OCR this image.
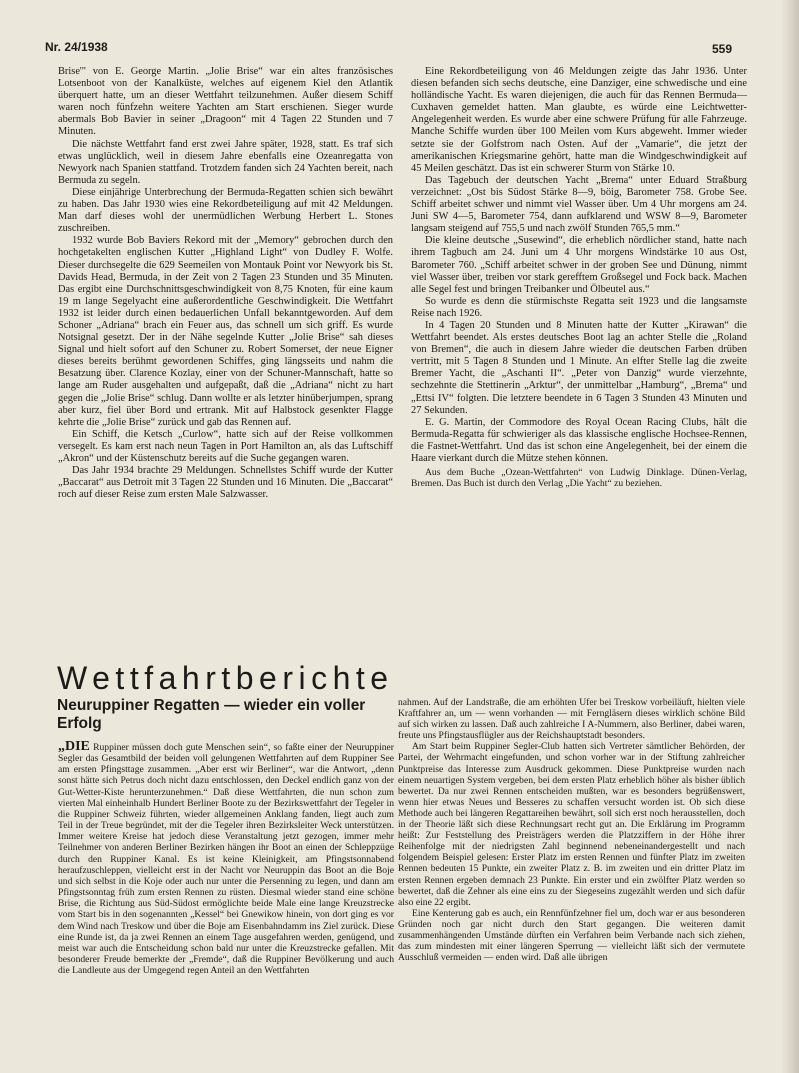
Nr. 24/1938	559

Brise'" von E. George Martin. „Jolie Brise“ war ein altes französisches Lotsenboot von der Kanalküste, welches auf eigenem Kiel den Atlantik überquert hatte, um an dieser Wettfahrt teilzunehmen. Außer diesem Schiff waren noch fünfzehn weitere Yachten am Start erschienen. Sieger wurde abermals Bob Bavier in seiner „Dragoon“ mit 4 Tagen 22 Stunden und 7 Minuten.

Die nächste Wettfahrt fand erst zwei Jahre später, 1928, statt. Es traf sich etwas unglücklich, weil in diesem Jahre ebenfalls eine Ozeanregatta von Newyork nach Spanien stattfand. Trotzdem fanden sich 24 Yachten bereit, nach Bermuda zu segeln.

Diese einjährige Unterbrechung der Bermuda-Regatten schien sich bewährt zu haben. Das Jahr 1930 wies eine Rekordbeteiligung auf mit 42 Meldungen. Man darf dieses wohl der unermüdlichen Werbung Herbert L. Stones zuschreiben.

1932 wurde Bob Baviers Rekord mit der „Memory“ gebrochen durch den hochgetakelten englischen Kutter „Highland Light“ von Dudley F. Wolfe. Dieser durchsegelte die 629 Seemeilen von Montauk Point vor Newyork bis St. Davids Head, Bermuda, in der Zeit von 2 Tagen 23 Stunden und 35 Minuten. Das ergibt eine Durchschnittsgeschwindigkeit von 8,75 Knoten, für eine kaum 19 m lange Segelyacht eine außerordentliche Geschwindigkeit. Die Wettfahrt 1932 ist leider durch einen bedauerlichen Unfall bekanntgeworden. Auf dem Schoner „Adriana“ brach ein Feuer aus, das schnell um sich griff. Es wurde Notsignal gesetzt. Der in der Nähe segelnde Kutter „Jolie Brise“ sah dieses Signal und hielt sofort auf den Schuner zu. Robert Somerset, der neue Eigner dieses bereits berühmt gewordenen Schiffes, ging längsseits und nahm die Besatzung über. Clarence Kozlay, einer von der Schuner-Mannschaft, hatte so lange am Ruder ausgehalten und aufgepaßt, daß die „Adriana“ nicht zu hart gegen die „Jolie Brise“ schlug. Dann wollte er als letzter hinüberjumpen, sprang aber kurz, fiel über Bord und ertrank. Mit auf Halbstock gesenkter Flagge kehrte die „Jolie Brise“ zurück und gab das Rennen auf.

Ein Schiff, die Ketsch „Curlow“, hatte sich auf der Reise vollkommen versegelt. Es kam erst nach neun Tagen in Port Hamilton an, als das Luftschiff „Akron“ und der Küstenschutz bereits auf die Suche gegangen waren.

Das Jahr 1934 brachte 29 Meldungen. Schnellstes Schiff wurde der Kutter „Baccarat“ aus Detroit mit 3 Tagen 22 Stunden und 16 Minuten. Die „Baccarat“ roch auf dieser Reise zum ersten Male Salzwasser.

Eine Rekordbeteiligung von 46 Meldungen zeigte das Jahr 1936. Unter diesen befanden sich sechs deutsche, eine Danziger, eine schwedische und eine holländische Yacht. Es waren diejenigen, die auch für das Rennen Bermuda—Cuxhaven gemeldet hatten. Man glaubte, es würde eine Leichtwetter-Angelegenheit werden. Es wurde aber eine schwere Prüfung für alle Fahrzeuge. Manche Schiffe wurden über 100 Meilen vom Kurs abgeweht. Immer wieder setzte sie der Golfstrom nach Osten. Auf der „Vamarie“, die jetzt der amerikanischen Kriegsmarine gehört, hatte man die Windgeschwindigkeit auf 45 Meilen geschätzt. Das ist ein schwerer Sturm von Stärke 10.

Das Tagebuch der deutschen Yacht „Brema“ unter Eduard Straßburg verzeichnet: „Ost bis Südost Stärke 8—9, böig, Barometer 758. Grobe See. Schiff arbeitet schwer und nimmt viel Wasser über. Um 4 Uhr morgens am 24. Juni SW 4—5, Barometer 754, dann aufklarend und WSW 8—9, Barometer langsam steigend auf 755,5 und nach zwölf Stunden 765,5 mm.“

Die kleine deutsche „Susewind“, die erheblich nördlicher stand, hatte nach ihrem Tagbuch am 24. Juni um 4 Uhr morgens Windstärke 10 aus Ost, Barometer 760. „Schiff arbeitet schwer in der groben See und Dünung, nimmt viel Wasser über, treiben vor stark gerefftem Großsegel und Fock back. Machen alle Segel fest und bringen Treibanker und Ölbeutel aus.“

So wurde es denn die stürmischste Regatta seit 1923 und die langsamste Reise nach 1926.

In 4 Tagen 20 Stunden und 8 Minuten hatte der Kutter „Kirawan“ die Wettfahrt beendet. Als erstes deutsches Boot lag an achter Stelle die „Roland von Bremen“, die auch in diesem Jahre wieder die deutschen Farben drüben vertritt, mit 5 Tagen 8 Stunden und 1 Minute. An elfter Stelle lag die zweite Bremer Yacht, die „Aschanti II“. „Peter von Danzig“ wurde vierzehnte, sechzehnte die Stettinerin „Arktur“, der unmittelbar „Hamburg“, „Brema“ und „Ettsi IV“ folgten. Die letztere beendete in 6 Tagen 3 Stunden 43 Minuten und 27 Sekunden.

E. G. Martin, der Commodore des Royal Ocean Racing Clubs, hält die Bermuda-Regatta für schwieriger als das klassische englische Hochsee-Rennen, die Fastnet-Wettfahrt. Und das ist schon eine Angelegenheit, bei der einem die Haare vierkant durch die Mütze stehen können.

Aus dem Buche „Ozean-Wettfahrten“ von Ludwig Dinklage. Dünen-Verlag, Bremen. Das Buch ist durch den Verlag „Die Yacht“ zu beziehen.

Wettfahrtberichte
Neuruppiner Regatten — wieder ein voller Erfolg

„DIE Ruppiner müssen doch gute Menschen sein“, so faßte einer der Neuruppiner Segler das Gesamtbild der beiden voll gelungenen Wettfahrten auf dem Ruppiner See am ersten Pfingsttage zusammen. „Aber erst wir Berliner“, war die Antwort, „denn sonst hätte sich Petrus doch nicht dazu entschlossen, den Deckel endlich ganz von der Gut-Wetter-Kiste herunterzunehmen.“ Daß diese Wettfahrten, die nun schon zum vierten Mal einheinhalb Hundert Berliner Boote zu der Bezirkswettfahrt der Tegeler in die Ruppiner Schweiz führten, wieder allgemeinen Anklang fanden, liegt auch zum Teil in der Treue begründet, mit der die Tegeler ihren Bezirksleiter Weck unterstützen. Immer weitere Kreise hat jedoch diese Veranstaltung jetzt gezogen, immer mehr Teilnehmer von anderen Berliner Bezirken hängen ihr Boot an einen der Schleppzüge durch den Ruppiner Kanal. Es ist keine Kleinigkeit, am Pfingstsonnabend heraufzuschleppen, vielleicht erst in der Nacht vor Neuruppin das Boot an die Boje und sich selbst in die Koje oder auch nur unter die Persenning zu legen, und dann am Pfingstsonntag früh zum ersten Rennen zu rüsten. Diesmal wieder stand eine schöne Brise, die Richtung aus Süd-Südost ermöglichte beide Male eine lange Kreuzstrecke vom Start bis in den sogenannten „Kessel“ bei Gnewikow hinein, von dort ging es vor dem Wind nach Treskow und über die Boje am Eisenbahndamm ins Ziel zurück. Diese eine Runde ist, da ja zwei Rennen an einem Tage ausgefahren werden, genügend, und meist war auch die Entscheidung schon bald nur unter die Kreuzstrecke gefallen. Mit besonderer Freude bemerkte der „Fremde“, daß die Ruppiner Bevölkerung und auch die Landleute aus der Umgegend regen Anteil an den Wettfahrten

nahmen. Auf der Landstraße, die am erhöhten Ufer bei Treskow vorbeiläuft, hielten viele Kraftfahrer an, um — wenn vorhanden — mit Ferngläsern dieses wirklich schöne Bild auf sich wirken zu lassen. Daß auch zahlreiche I A-Nummern, also Berliner, dabei waren, freute uns Pfingstausflügler aus der Reichshauptstadt besonders.

Am Start beim Ruppiner Segler-Club hatten sich Vertreter sämtlicher Behörden, der Partei, der Wehrmacht eingefunden, und schon vorher war in der Stiftung zahlreicher Punktpreise das Interesse zum Ausdruck gekommen. Diese Punktpreise wurden nach einem neuartigen System vergeben, bei dem ersten Platz erheblich höher als bisher üblich bewertet. Da nur zwei Rennen entscheiden mußten, war es besonders begrüßenswert, wenn hier etwas Neues und Besseres zu schaffen versucht worden ist. Ob sich diese Methode auch bei längeren Regattareihen bewährt, soll sich erst noch herausstellen, doch in der Theorie läßt sich diese Rechnungsart recht gut an. Die Erklärung im Programm heißt: Zur Feststellung des Preisträgers werden die Platzziffern in der Höhe ihrer Reihenfolge mit der niedrigsten Zahl beginnend nebeneinandergestellt und nach folgendem Beispiel gelesen: Erster Platz im ersten Rennen und fünfter Platz im zweiten Rennen bedeuten 15 Punkte, ein zweiter Platz z. B. im zweiten und ein dritter Platz im ersten Rennen ergeben demnach 23 Punkte. Ein erster und ein zwölfter Platz werden so bewertet, daß die Zehner als eine eins zu der Siegeseins zugezählt werden und sich dafür also eine 22 ergibt.

Eine Kenterung gab es auch, ein Rennfünfzehner fiel um, doch war er aus besonderen Gründen noch gar nicht durch den Start gegangen. Die weiteren damit zusammenhängenden Umstände dürften ein Verfahren beim Verbande nach sich ziehen, das zum mindesten mit einer längeren Sperrung — vielleicht läßt sich der vermutete Ausschluß vermeiden — enden wird. Daß alle übrigen
